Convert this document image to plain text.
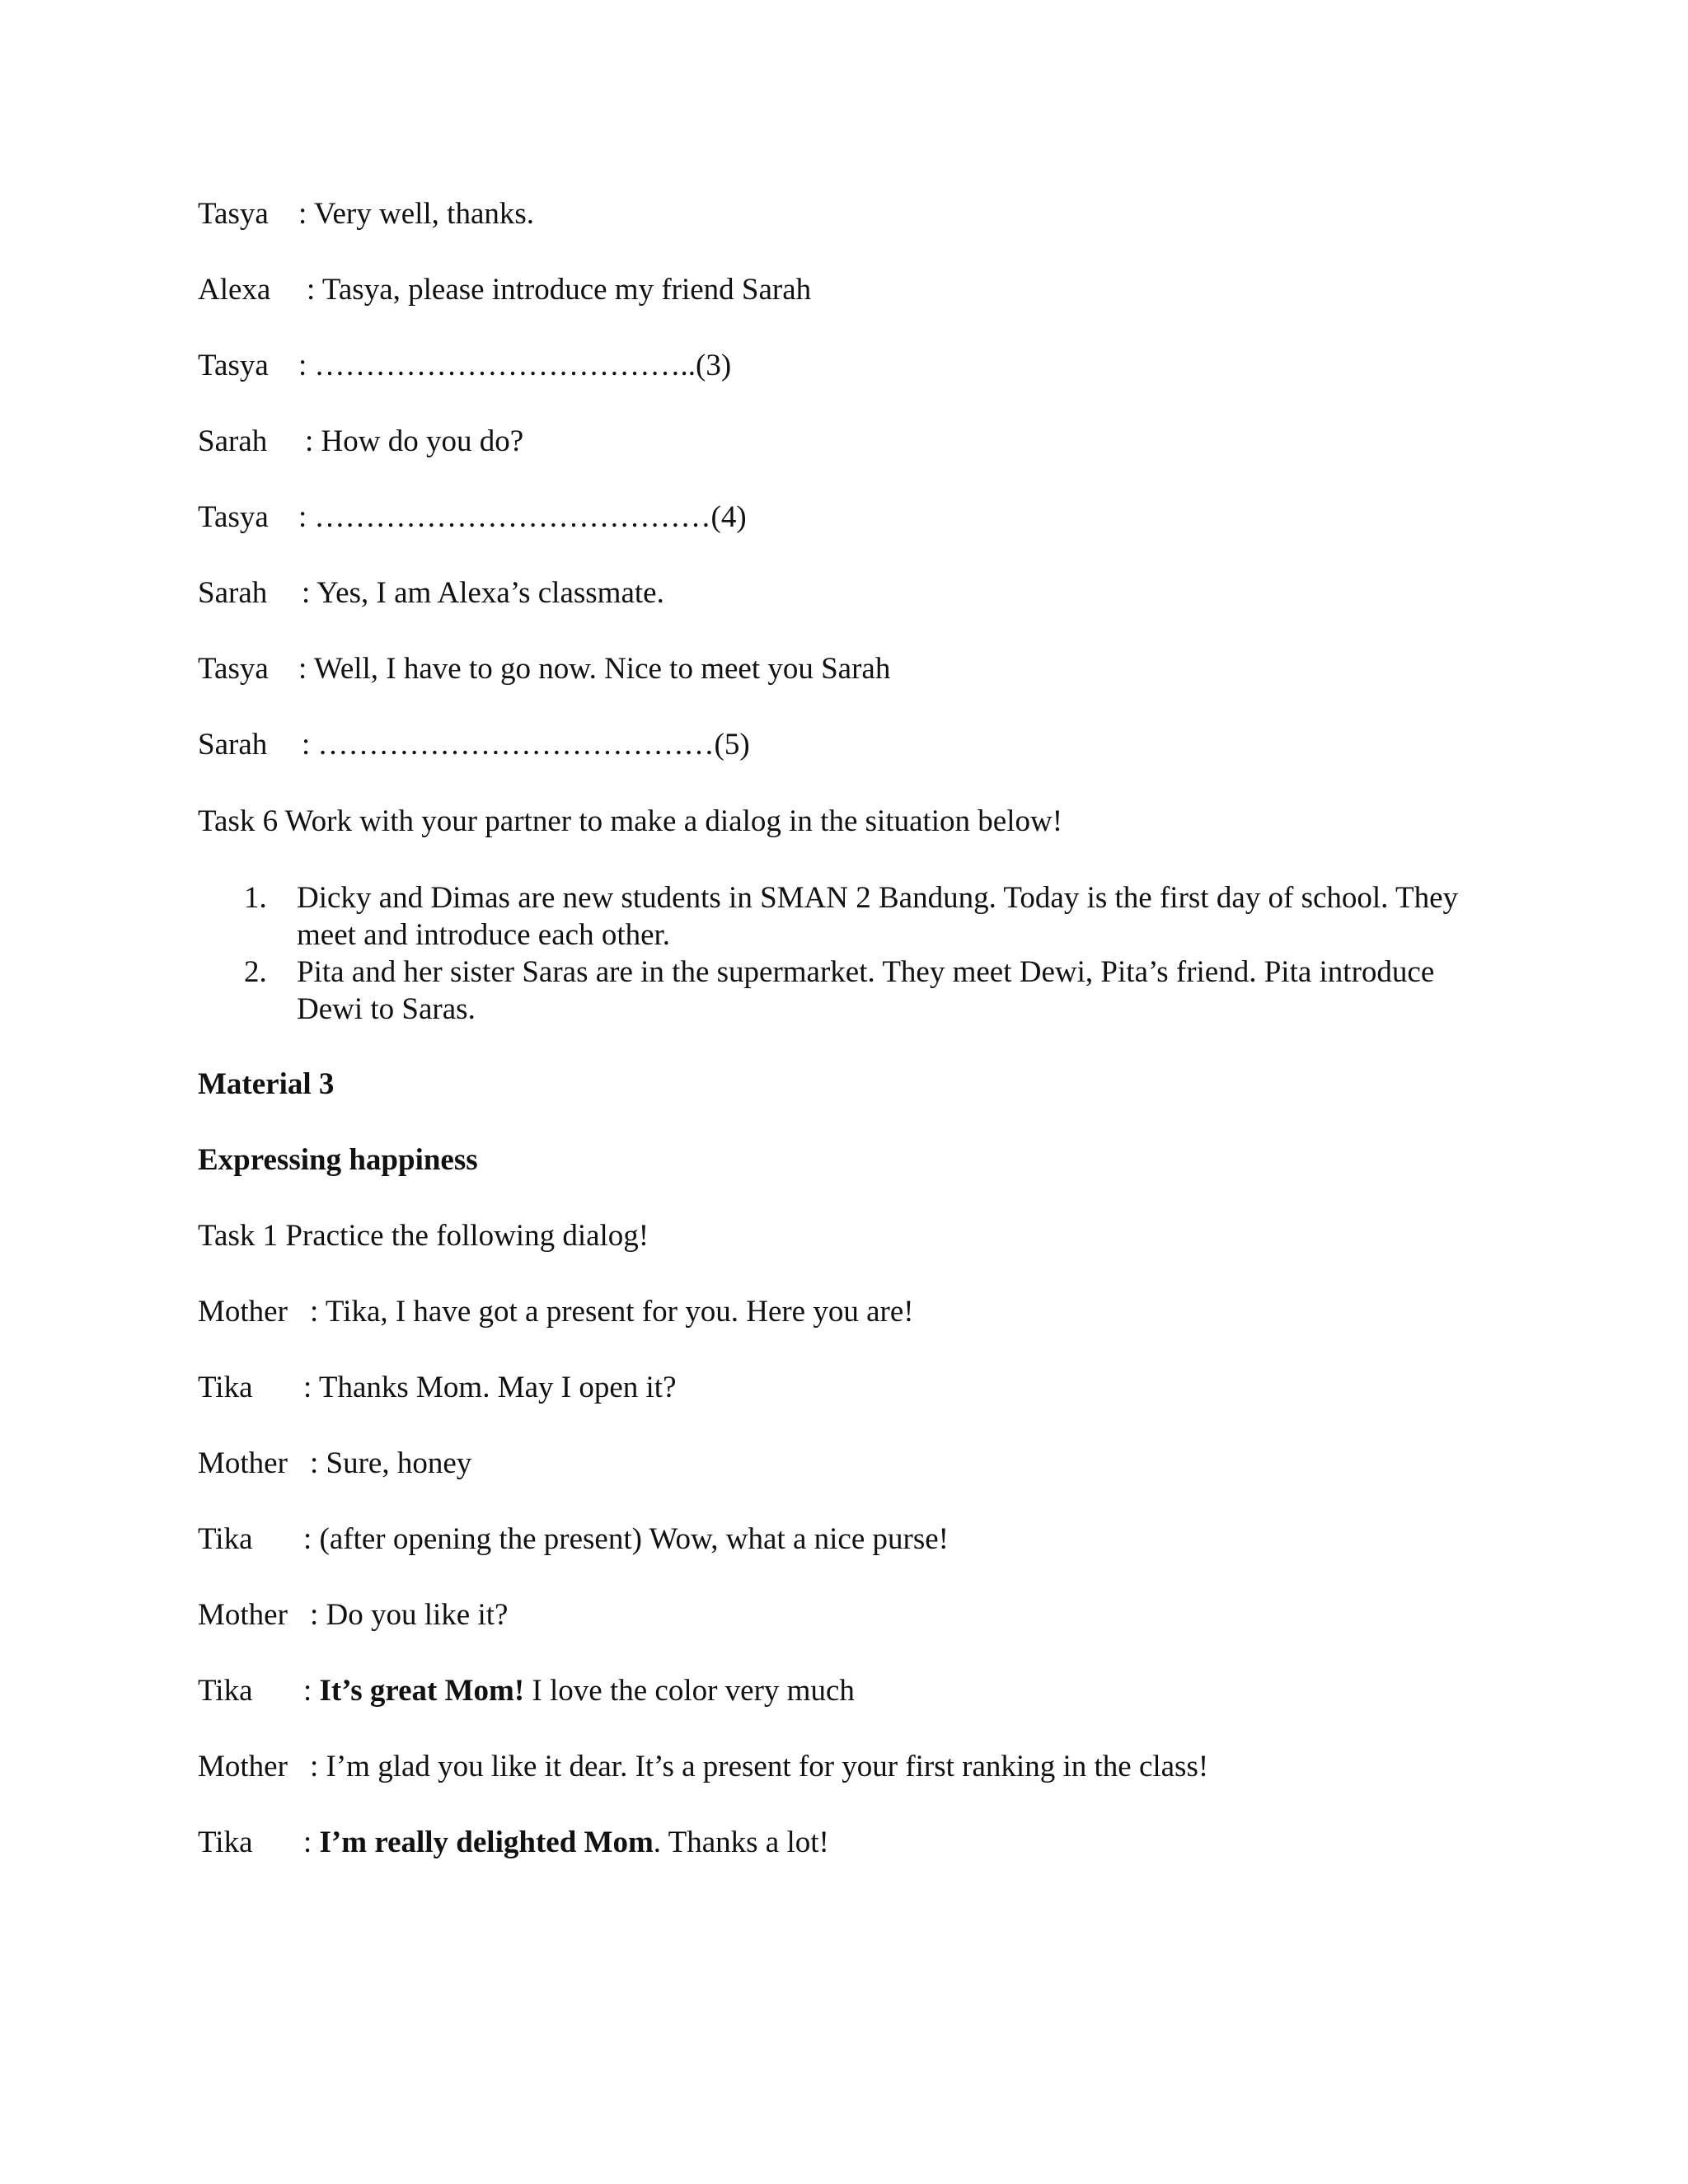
Tasya : Very well, thanks.
Alexa : Tasya, please introduce my friend Sarah
Tasya : ………………………………..(3)
Sarah : How do you do?
Tasya : …………………………………(4)
Sarah : Yes, I am Alexa’s classmate.
Tasya : Well, I have to go now. Nice to meet you Sarah
Sarah : …………………………………(5)
Task 6 Work with your partner to make a dialog in the situation below!
1. Dicky and Dimas are new students in SMAN 2 Bandung. Today is the first day of school. They meet and introduce each other.
2. Pita and her sister Saras are in the supermarket. They meet Dewi, Pita’s friend. Pita introduce Dewi to Saras.
Material 3
Expressing happiness
Task 1 Practice the following dialog!
Mother : Tika, I have got a present for you. Here you are!
Tika : Thanks Mom. May I open it?
Mother : Sure, honey
Tika : (after opening the present) Wow, what a nice purse!
Mother : Do you like it?
Tika : It’s great Mom! I love the color very much
Mother : I’m glad you like it dear. It’s a present for your first ranking in the class!
Tika : I’m really delighted Mom. Thanks a lot!
